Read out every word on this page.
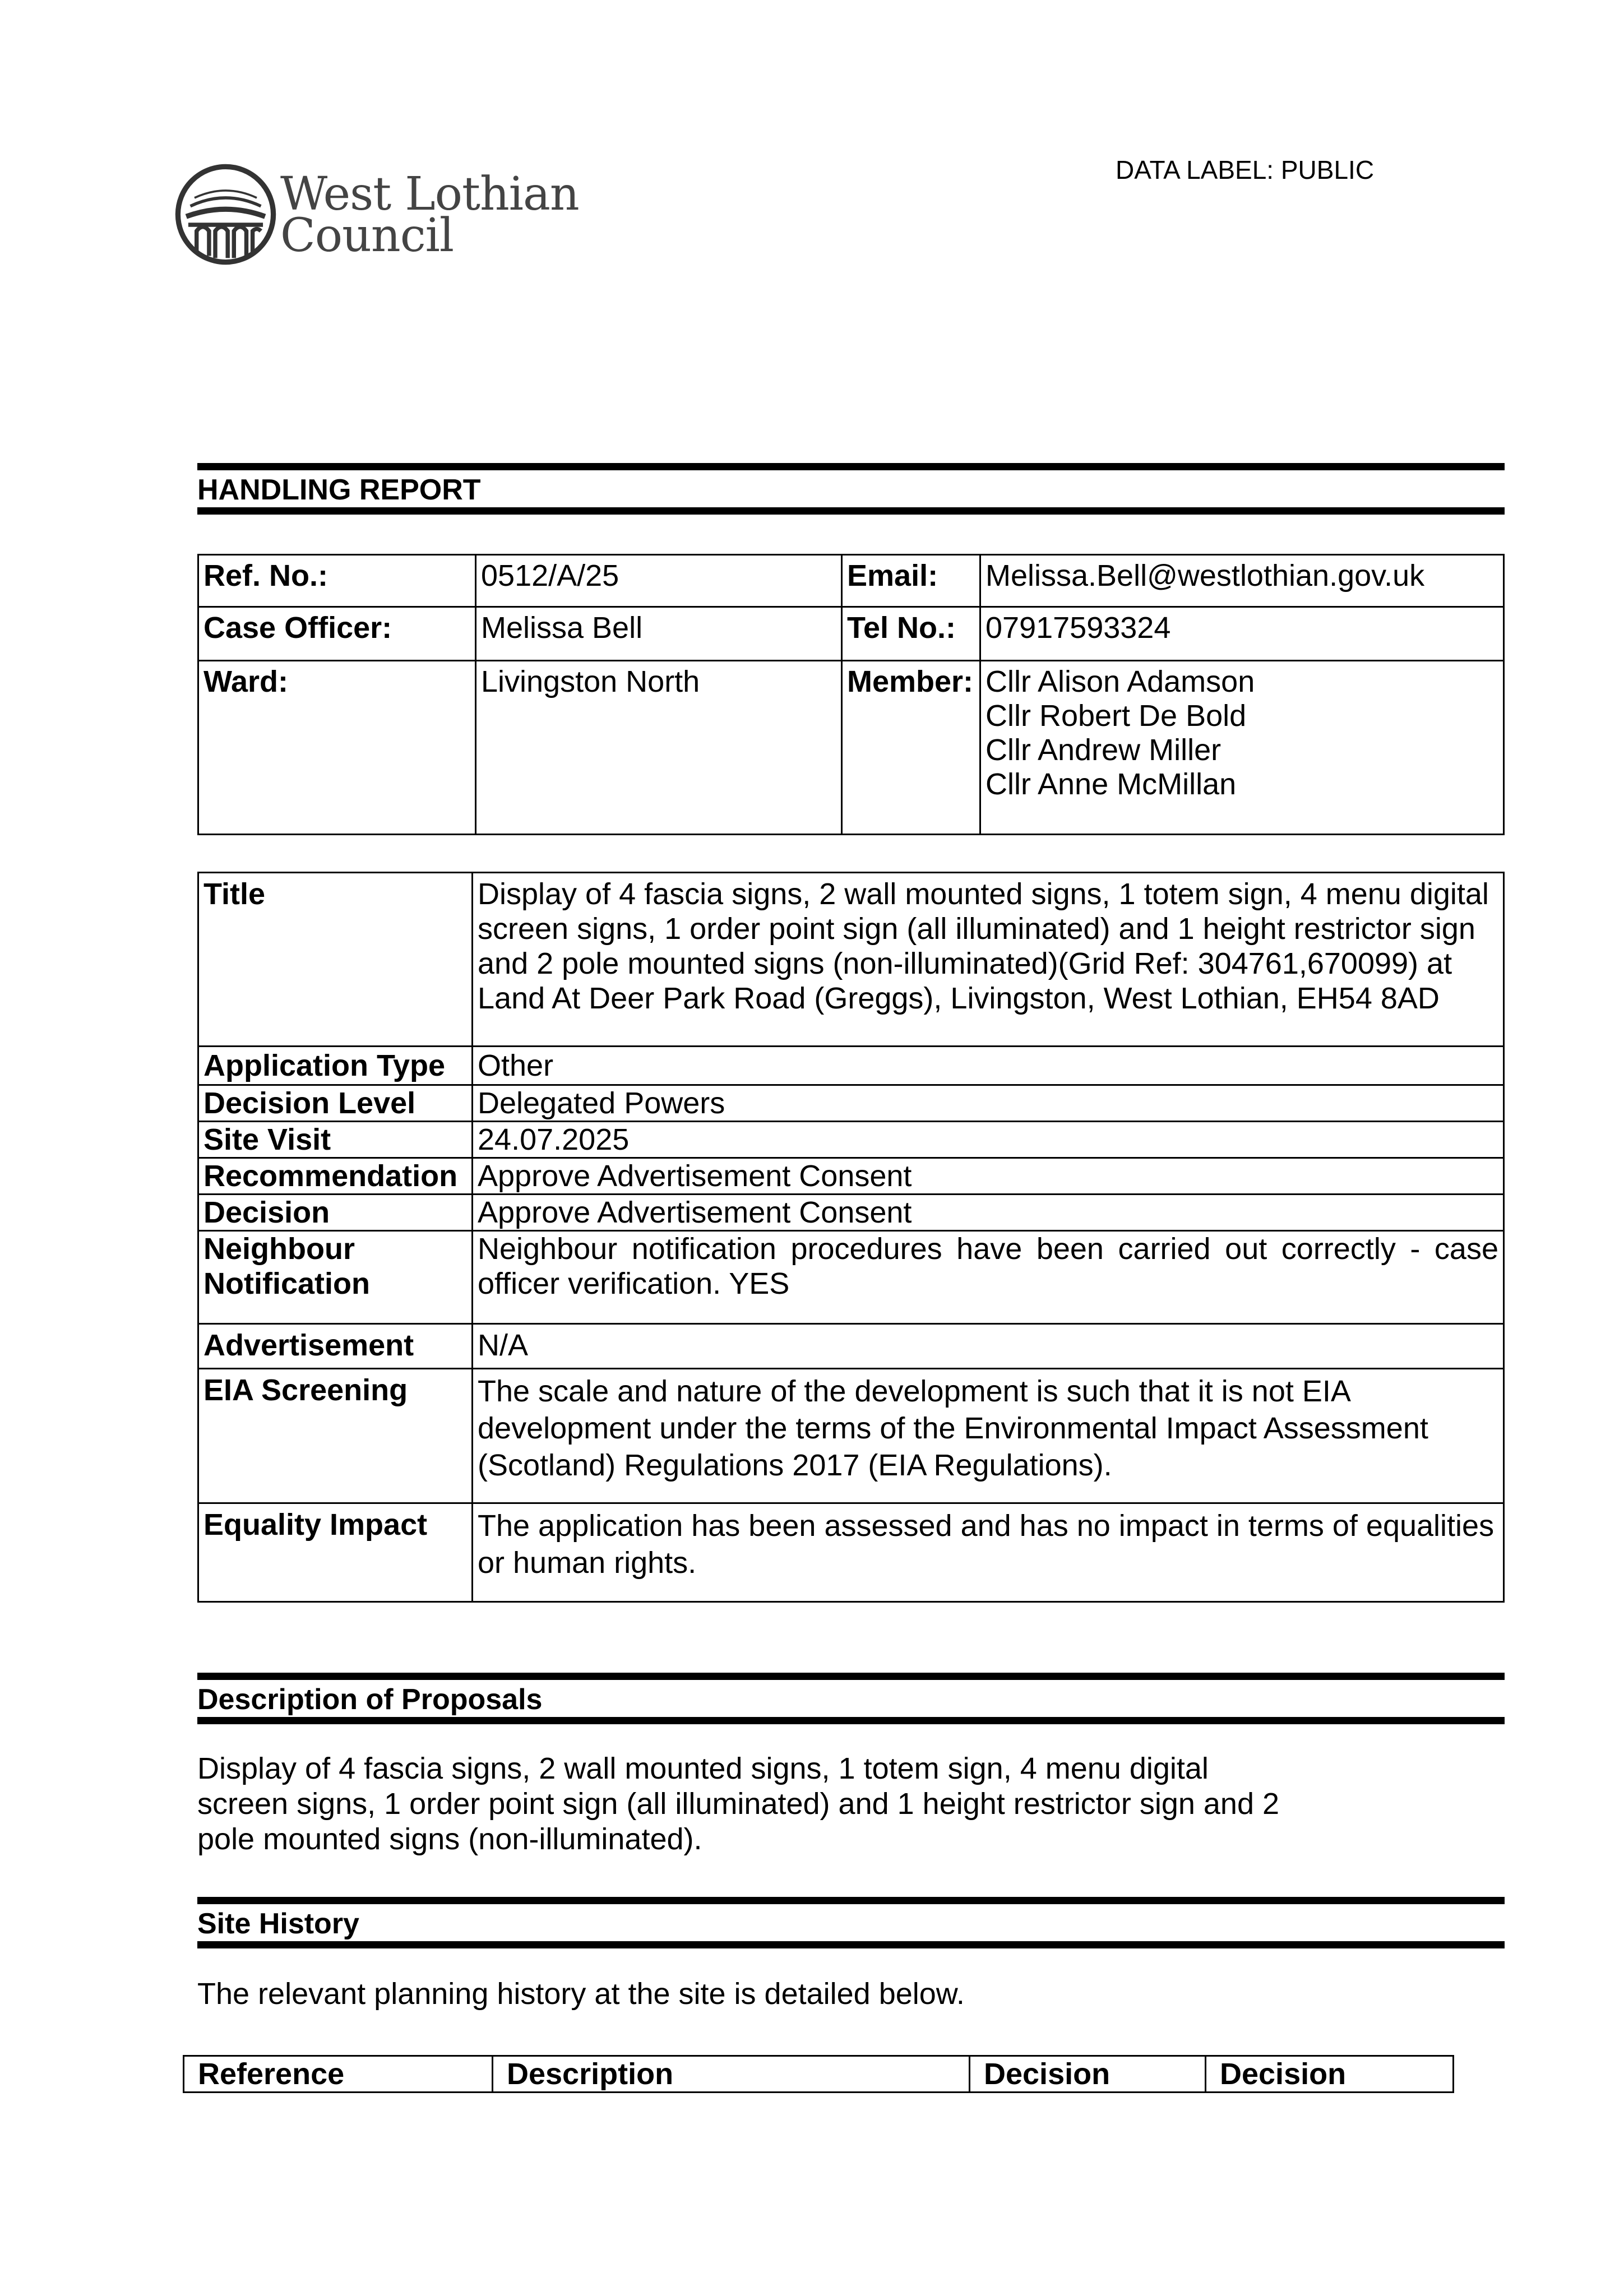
West Lothian
Council
DATA LABEL: PUBLIC
HANDLING REPORT
Ref. No.:	0512/A/25	Email:	Melissa.Bell@westlothian.gov.uk
Case Officer:	Melissa Bell	Tel No.:	07917593324
Ward:	Livingston North	Member:	Cllr Alison Adamson
Cllr Robert De Bold
Cllr Andrew Miller
Cllr Anne McMillan
Title	Display of 4 fascia signs, 2 wall mounted signs, 1 totem sign, 4 menu digital screen signs, 1 order point sign (all illuminated) and 1 height restrictor sign and 2 pole mounted signs (non-illuminated)(Grid Ref: 304761,670099) at Land At Deer Park Road (Greggs), Livingston, West Lothian, EH54 8AD
Application Type	Other
Decision Level	Delegated Powers
Site Visit	24.07.2025
Recommendation	Approve Advertisement Consent
Decision	Approve Advertisement Consent
Neighbour Notification	Neighbour notification procedures have been carried out correctly - case officer verification. YES
Advertisement	N/A
EIA Screening	The scale and nature of the development is such that it is not EIA development under the terms of the Environmental Impact Assessment (Scotland) Regulations 2017 (EIA Regulations).
Equality Impact	The application has been assessed and has no impact in terms of equalities or human rights.
Description of Proposals
Display of 4 fascia signs, 2 wall mounted signs, 1 totem sign, 4 menu digital screen signs, 1 order point sign (all illuminated) and 1 height restrictor sign and 2 pole mounted signs (non-illuminated).
Site History
The relevant planning history at the site is detailed below.
Reference	Description	Decision	Decision
